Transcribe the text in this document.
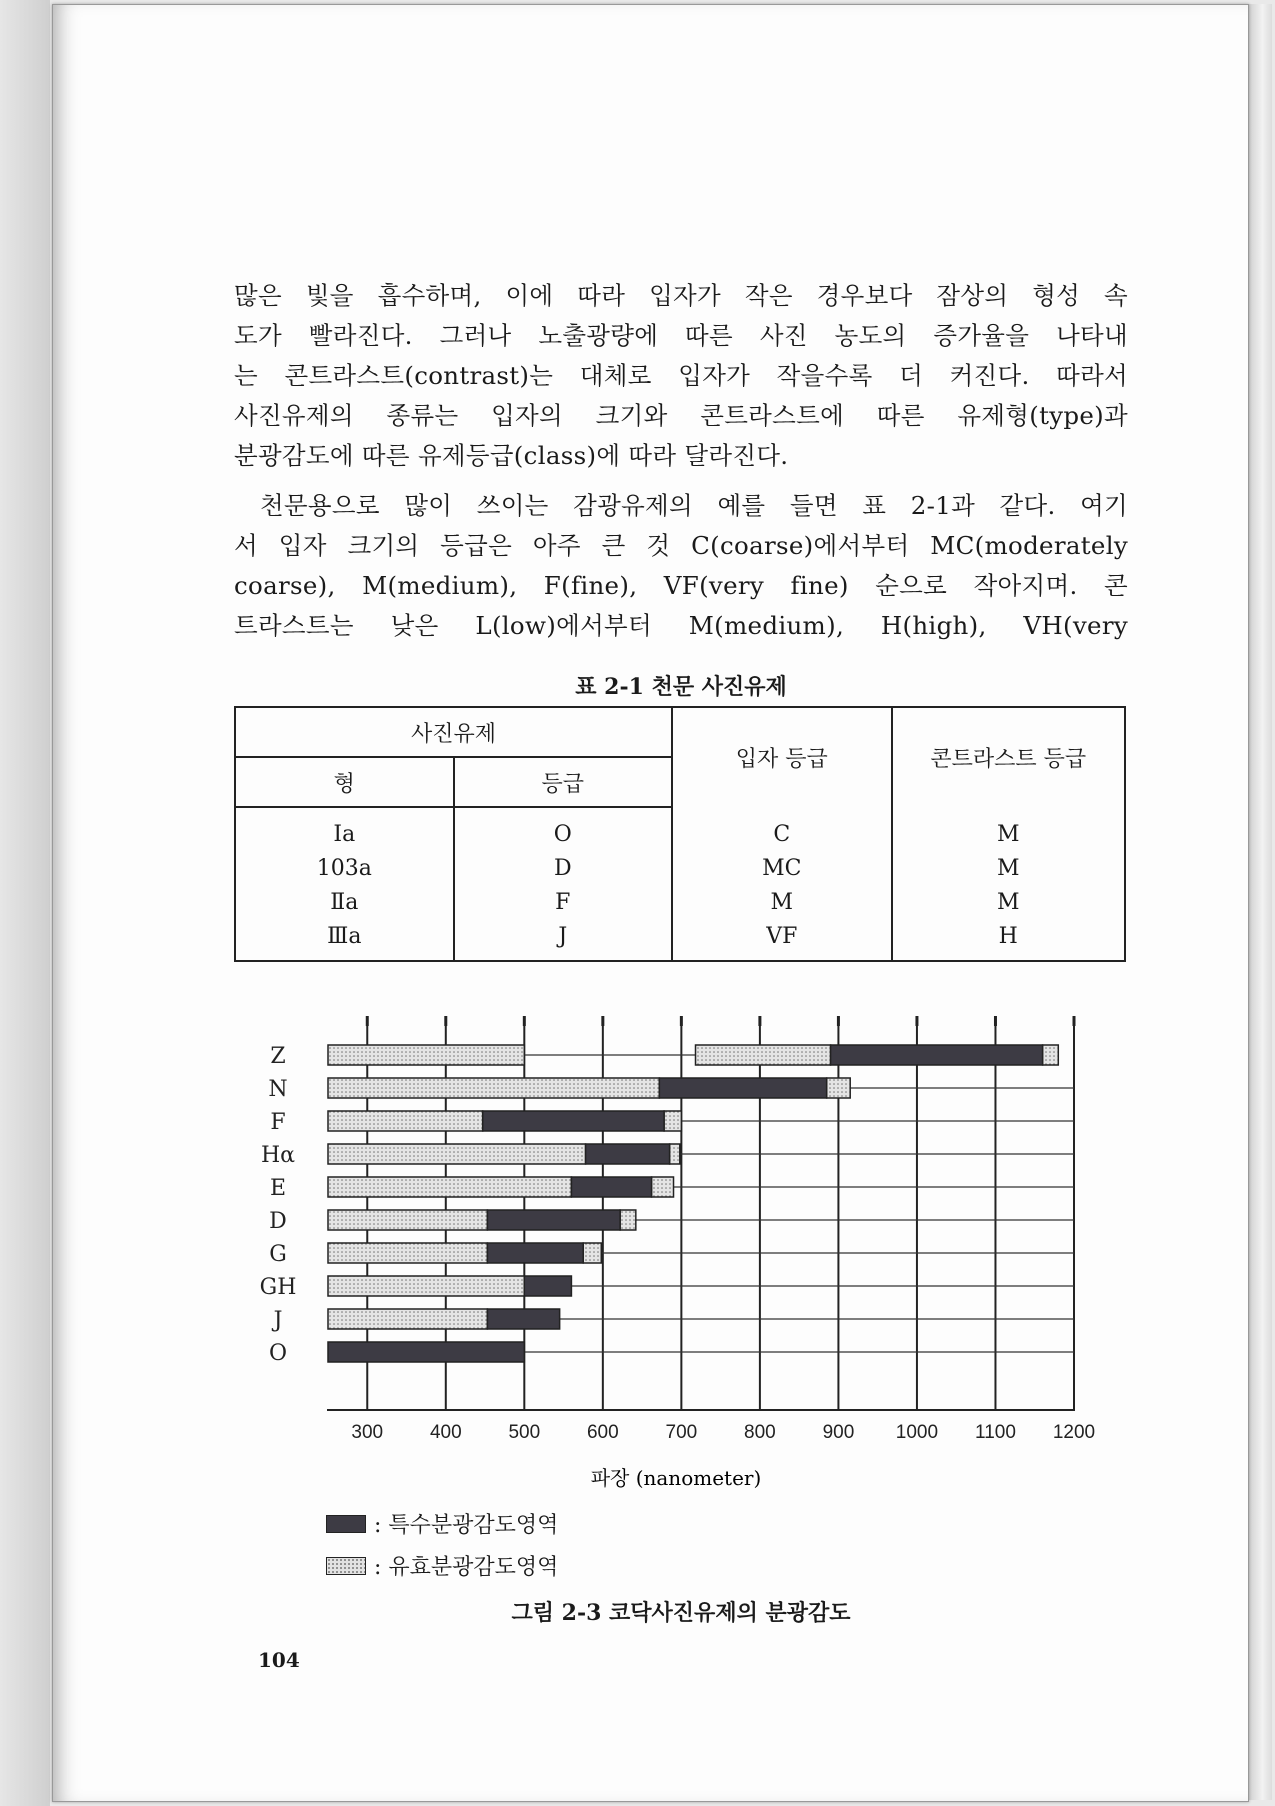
많은 빛을 흡수하며, 이에 따라 입자가 작은 경우보다 잠상의 형성 속
도가 빨라진다. 그러나 노출광량에 따른 사진 농도의 증가율을 나타내
는 콘트라스트(contrast)는 대체로 입자가 작을수록 더 커진다. 따라서
사진유제의 종류는 입자의 크기와 콘트라스트에 따른 유제형(type)과
분광감도에 따른 유제등급(class)에 따라 달라진다.
천문용으로 많이 쓰이는 감광유제의 예를 들면 표 2-1과 같다. 여기
서 입자 크기의 등급은 아주 큰 것 C(coarse)에서부터 MC(moderately
coarse), M(medium), F(fine), VF(very fine) 순으로 작아지며. 콘
트라스트는 낮은 L(low)에서부터 M(medium), H(high), VH(very
표 2-1 천문 사진유제
사진유제		입자 등급	콘트라스트 등급
형	등급		
Ⅰa	O	C	M
103a	D	MC	M
Ⅱa	F	M	M
Ⅲa	J	VF	H
Z
N
F
Hα
E
D
G
GH
J
O
300 400 500 600 700 800 900 1000 1100 1200
파장 (nanometer)
: 특수분광감도영역
: 유효분광감도영역
그림 2-3 코닥사진유제의 분광감도
104
